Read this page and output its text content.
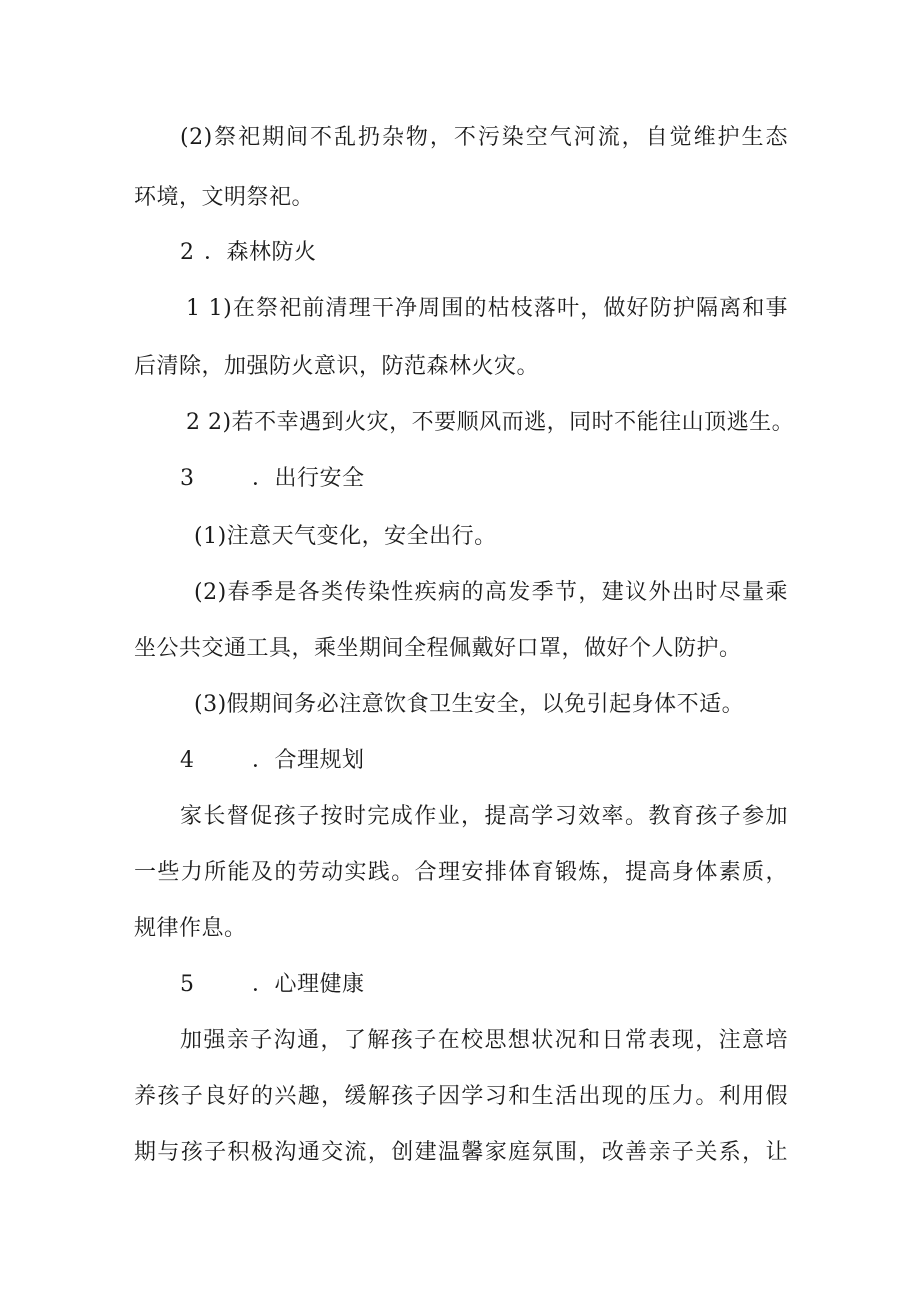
(2)祭祀期间不乱扔杂物，不污染空气河流，自觉维护生态
环境，文明祭祀。
2 ．森林防火
1 1)在祭祀前清理干净周围的枯枝落叶，做好防护隔离和事
后清除，加强防火意识，防范森林火灾。
2 2)若不幸遇到火灾，不要顺风而逃，同时不能往山顶逃生。
3	．出行安全
(1)注意天气变化，安全出行。
(2)春季是各类传染性疾病的高发季节，建议外出时尽量乘
坐公共交通工具，乘坐期间全程佩戴好口罩，做好个人防护。
(3)假期间务必注意饮食卫生安全，以免引起身体不适。
4	．合理规划
家长督促孩子按时完成作业，提高学习效率。教育孩子参加
一些力所能及的劳动实践。合理安排体育锻炼，提高身体素质，
规律作息。
5	．心理健康
加强亲子沟通，了解孩子在校思想状况和日常表现，注意培
养孩子良好的兴趣，缓解孩子因学习和生活出现的压力。利用假
期与孩子积极沟通交流，创建温馨家庭氛围，改善亲子关系，让
